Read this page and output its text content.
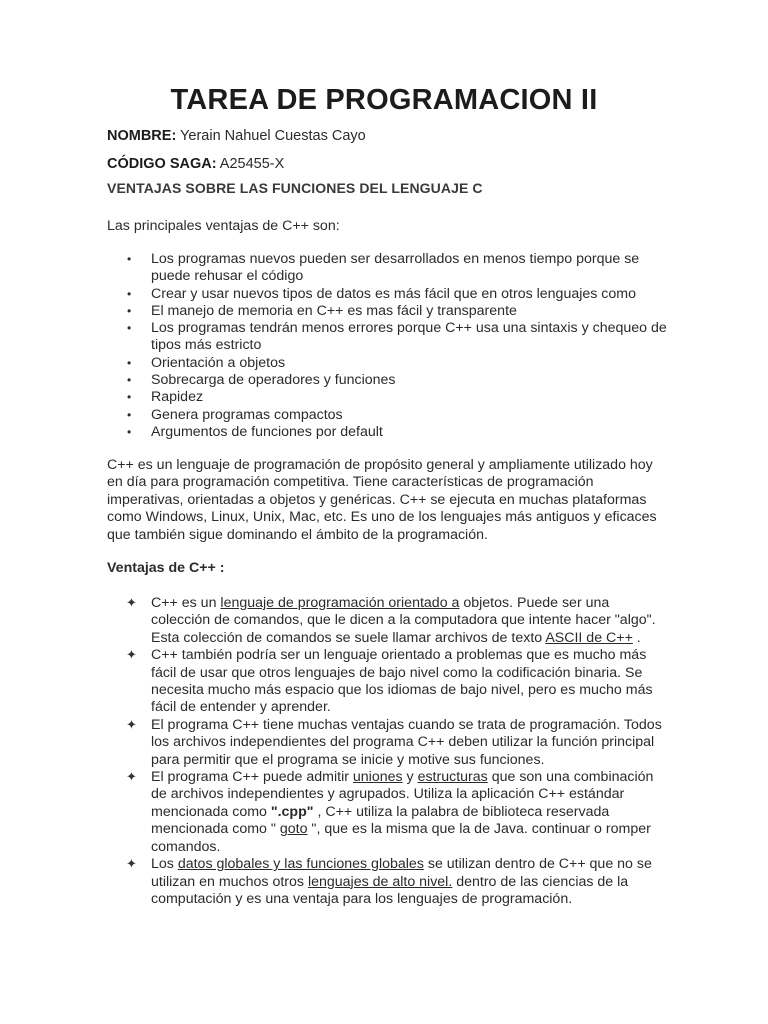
TAREA DE PROGRAMACION II

NOMBRE: Yerain Nahuel Cuestas Cayo

CÓDIGO SAGA: A25455-X

VENTAJAS SOBRE LAS FUNCIONES DEL LENGUAJE C

Las principales ventajas de C++ son:

• Los programas nuevos pueden ser desarrollados en menos tiempo porque se puede rehusar el código
• Crear y usar nuevos tipos de datos es más fácil que en otros lenguajes como
• El manejo de memoria en C++ es mas fácil y transparente
• Los programas tendrán menos errores porque C++ usa una sintaxis y chequeo de tipos más estricto
• Orientación a objetos
• Sobrecarga de operadores y funciones
• Rapidez
• Genera programas compactos
• Argumentos de funciones por default

C++ es un lenguaje de programación de propósito general y ampliamente utilizado hoy en día para programación competitiva. Tiene características de programación imperativas, orientadas a objetos y genéricas. C++ se ejecuta en muchas plataformas como Windows, Linux, Unix, Mac, etc. Es uno de los lenguajes más antiguos y eficaces que también sigue dominando el ámbito de la programación.

Ventajas de C++ :

✦ C++ es un lenguaje de programación orientado a objetos. Puede ser una colección de comandos, que le dicen a la computadora que intente hacer "algo". Esta colección de comandos se suele llamar archivos de texto ASCII de C++ .
✦ C++ también podría ser un lenguaje orientado a problemas que es mucho más fácil de usar que otros lenguajes de bajo nivel como la codificación binaria. Se necesita mucho más espacio que los idiomas de bajo nivel, pero es mucho más fácil de entender y aprender.
✦ El programa C++ tiene muchas ventajas cuando se trata de programación. Todos los archivos independientes del programa C++ deben utilizar la función principal para permitir que el programa se inicie y motive sus funciones.
✦ El programa C++ puede admitir uniones y estructuras que son una combinación de archivos independientes y agrupados. Utiliza la aplicación C++ estándar mencionada como ".cpp" , C++ utiliza la palabra de biblioteca reservada mencionada como " goto ", que es la misma que la de Java. continuar o romper comandos.
✦ Los datos globales y las funciones globales se utilizan dentro de C++ que no se utilizan en muchos otros lenguajes de alto nivel. dentro de las ciencias de la computación y es una ventaja para los lenguajes de programación.
